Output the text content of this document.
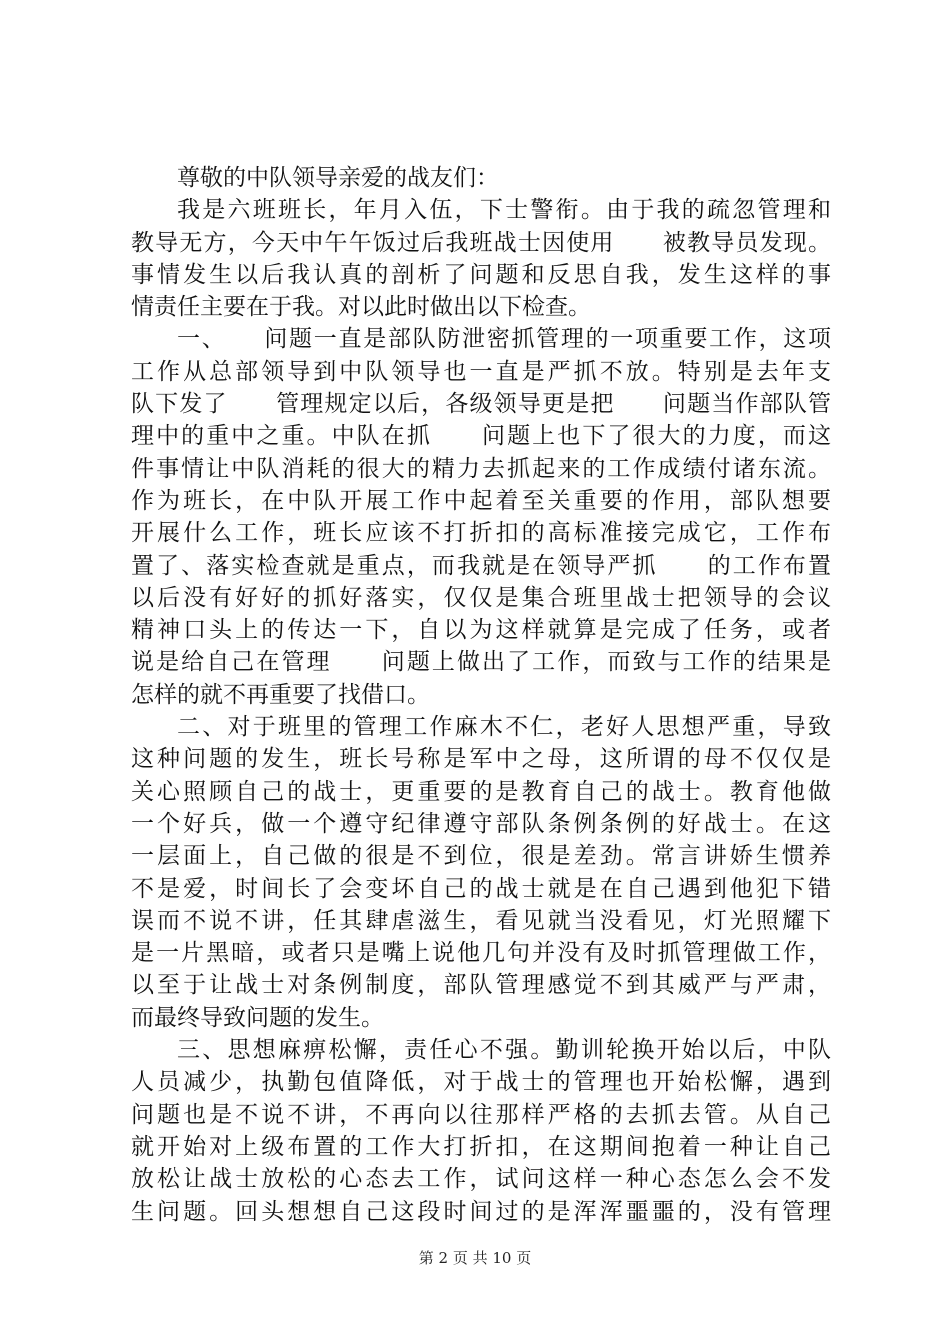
尊敬的中队领导亲爱的战友们：
我是六班班长，年月入伍，下士警衔。由于我的疏忽管理和
教导无方，今天中午午饭过后我班战士因使用　　被教导员发现。
事情发生以后我认真的剖析了问题和反思自我，发生这样的事
情责任主要在于我。对以此时做出以下检查。
一、　　问题一直是部队防泄密抓管理的一项重要工作，这项
工作从总部领导到中队领导也一直是严抓不放。特别是去年支
队下发了　　管理规定以后，各级领导更是把　　问题当作部队管
理中的重中之重。中队在抓　　问题上也下了很大的力度，而这
件事情让中队消耗的很大的精力去抓起来的工作成绩付诸东流。
作为班长，在中队开展工作中起着至关重要的作用，部队想要
开展什么工作，班长应该不打折扣的高标准接完成它，工作布
置了、落实检查就是重点，而我就是在领导严抓　　的工作布置
以后没有好好的抓好落实，仅仅是集合班里战士把领导的会议
精神口头上的传达一下，自以为这样就算是完成了任务，或者
说是给自己在管理　　问题上做出了工作，而致与工作的结果是
怎样的就不再重要了找借口。
二、对于班里的管理工作麻木不仁，老好人思想严重，导致
这种问题的发生，班长号称是军中之母，这所谓的母不仅仅是
关心照顾自己的战士，更重要的是教育自己的战士。教育他做
一个好兵，做一个遵守纪律遵守部队条例条例的好战士。在这
一层面上，自己做的很是不到位，很是差劲。常言讲娇生惯养
不是爱，时间长了会变坏自己的战士就是在自己遇到他犯下错
误而不说不讲，任其肆虐滋生，看见就当没看见，灯光照耀下
是一片黑暗，或者只是嘴上说他几句并没有及时抓管理做工作，
以至于让战士对条例制度，部队管理感觉不到其威严与严肃，
而最终导致问题的发生。
三、思想麻痹松懈，责任心不强。勤训轮换开始以后，中队
人员减少，执勤包值降低，对于战士的管理也开始松懈，遇到
问题也是不说不讲，不再向以往那样严格的去抓去管。从自己
就开始对上级布置的工作大打折扣，在这期间抱着一种让自己
放松让战士放松的心态去工作，试问这样一种心态怎么会不发
生问题。回头想想自己这段时间过的是浑浑噩噩的，没有管理
第 2 页 共 10 页
